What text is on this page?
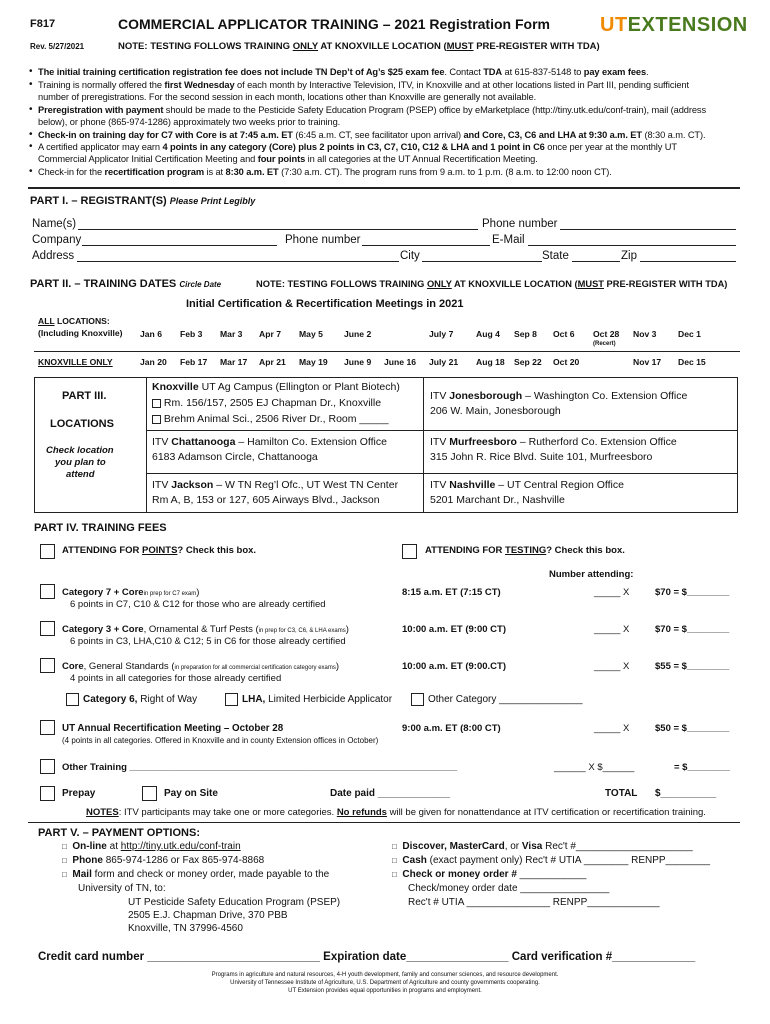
F817	COMMERCIAL APPLICATOR TRAINING – 2021 Registration Form	UTEXTENSION
Rev. 5/27/2021	NOTE: TESTING FOLLOWS TRAINING ONLY AT KNOXVILLE LOCATION (MUST PRE-REGISTER WITH TDA)
• The initial training certification registration fee does not include TN Dep’t of Ag’s $25 exam fee. Contact TDA at 615-837-5148 to pay exam fees.
• Training is normally offered the first Wednesday of each month by Interactive Television, ITV, in Knoxville and at other locations listed in Part III, pending sufficient
number of preregistrations. For the second session in each month, locations other than Knoxville are generally not available.
• Preregistration with payment should be made to the Pesticide Safety Education Program (PSEP) office by eMarketplace (http://tiny.utk.edu/conf-train), mail (address
below), or phone (865-974-1286) approximately two weeks prior to training.
• Check-in on training day for C7 with Core is at 7:45 a.m. ET (6:45 a.m. CT, see facilitator upon arrival) and Core, C3, C6 and LHA at 9:30 a.m. ET (8:30 a.m. CT).
• A certified applicator may earn 4 points in any category (Core) plus 2 points in C3, C7, C10, C12 & LHA and 1 point in C6 once per year at the monthly UT
Commercial Applicator Initial Certification Meeting and four points in all categories at the UT Annual Recertification Meeting.
• Check-in for the recertification program is at 8:30 a.m. ET (7:30 a.m. CT). The program runs from 9 a.m. to 1 p.m. (8 a.m. to 12:00 noon CT).
PART I. – REGISTRANT(S) Please Print Legibly
Name(s)	Phone number
Company	Phone number	E-Mail
Address	City	State	Zip
PART II. – TRAINING DATES Circle Date	NOTE: TESTING FOLLOWS TRAINING ONLY AT KNOXVILLE LOCATION (MUST PRE-REGISTER WITH TDA)
Initial Certification & Recertification Meetings in 2021
ALL LOCATIONS:
(Including Knoxville) Jan 6 Feb 3 Mar 3 Apr 7 May 5 June 2	July 7	Aug 4 Sep 8 Oct 6 Oct 28 Nov 3	Dec 1
(Recert)
KNOXVILLE ONLY	Jan 20 Feb 17 Mar 17 Apr 21 May 19 June 9 June 16 July 21 Aug 18 Sep 22 Oct 20	Nov 17 Dec 15
PART III.
LOCATIONS
Check location
you plan to
attend
Knoxville UT Ag Campus (Ellington or Plant Biotech)
Rm. 156/157, 2505 EJ Chapman Dr., Knoxville
Brehm Animal Sci., 2506 River Dr., Room _____
ITV Jonesborough – Washington Co. Extension Office
206 W. Main, Jonesborough
ITV Chattanooga – Hamilton Co. Extension Office
6183 Adamson Circle, Chattanooga
ITV Murfreesboro – Rutherford Co. Extension Office
315 John R. Rice Blvd. Suite 101, Murfreesboro
ITV Jackson – W TN Reg’l Ofc., UT West TN Center
Rm A, B, 153 or 127, 605 Airways Blvd., Jackson
ITV Nashville – UT Central Region Office
5201 Marchant Dr., Nashville
PART IV. TRAINING FEES
ATTENDING FOR POINTS? Check this box.	ATTENDING FOR TESTING? Check this box.
Number attending:
Category 7 + Corein prep for C7 exam)
6 points in C7, C10 & C12 for those who are already certified
8:15 a.m. ET (7:15 CT)	_____ X	$70 = $________
Category 3 + Core, Ornamental & Turf Pests (in prep for C3, C6, & LHA exams)
6 points in C3, LHA,C10 & C12; 5 in C6 for those already certified
10:00 a.m. ET (9:00 CT)	_____ X	$70 = $________
Core, General Standards (in preparation for all commercial certification category exams)
4 points in all categories for those already certified
10:00 a.m. ET (9:00.CT)	_____ X	$55 = $________
Category 6, Right of Way	LHA, Limited Herbicide Applicator	Other Category _______________
UT Annual Recertification Meeting – October 28
(4 points in all categories. Offered in Knoxville and in county Extension offices in October)
9:00 a.m. ET (8:00 CT)	_____ X	$50 = $________
Other Training ______________________________________________________________	______ X $______	= $________
Prepay	Pay on Site	Date paid _____________	TOTAL $__________
NOTES: ITV participants may take one or more categories. No refunds will be given for nonattendance at ITV certification or recertification training.
PART V. – PAYMENT OPTIONS:
□ On-line at http://tiny.utk.edu/conf-train
□ Phone 865-974-1286 or Fax 865-974-8868
□ Mail form and check or money order, made payable to the
University of TN, to:
UT Pesticide Safety Education Program (PSEP)
2505 E.J. Chapman Drive, 370 PBB
Knoxville, TN 37996-4560
□ Discover, MasterCard, or Visa Rec't #_____________________
□ Cash (exact payment only) Rec't # UTIA ________ RENPP________
□ Check or money order # ____________
Check/money order date ________________
Rec't # UTIA _______________ RENPP_____________
Credit card number ___________________________ Expiration date________________ Card verification #_____________
Programs in agriculture and natural resources, 4-H youth development, family and consumer sciences, and resource development.
University of Tennessee Institute of Agriculture, U.S. Department of Agriculture and county governments cooperating.
UT Extension provides equal opportunities in programs and employment.
